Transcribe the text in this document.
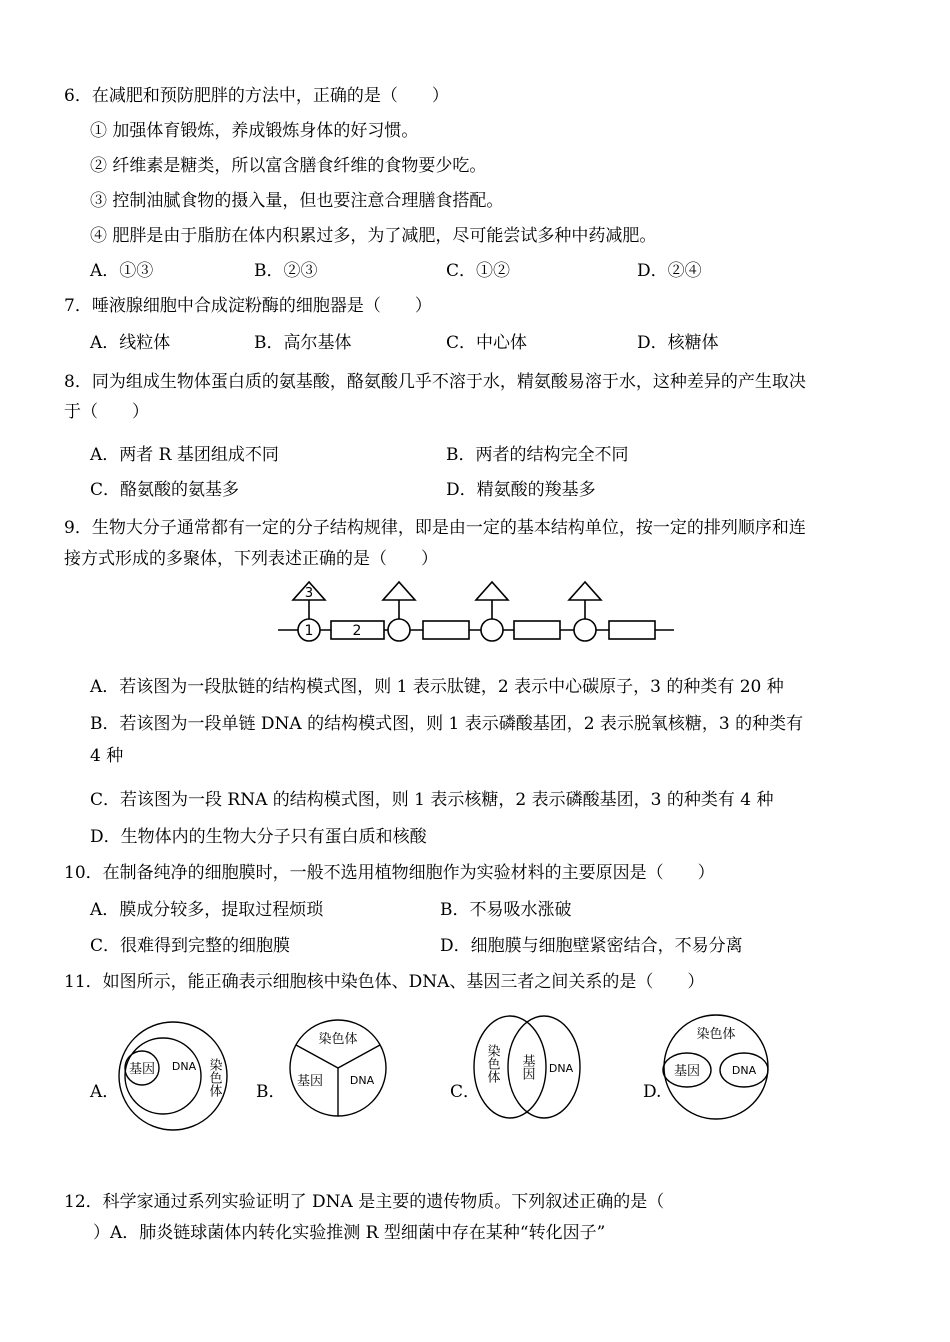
6．在减肥和预防肥胖的方法中，正确的是（　　）
① 加强体育锻炼，养成锻炼身体的好习惯。
② 纤维素是糖类，所以富含膳食纤维的食物要少吃。
③ 控制油腻食物的摄入量，但也要注意合理膳食搭配。
④ 肥胖是由于脂肪在体内积累过多，为了减肥，尽可能尝试多种中药减肥。
A．①③	B．②③	C．①②	D．②④
7．唾液腺细胞中合成淀粉酶的细胞器是（　　）
A．线粒体	B．高尔基体	C．中心体	D．核糖体
8．同为组成生物体蛋白质的氨基酸，酪氨酸几乎不溶于水，精氨酸易溶于水，这种差异的产生取决
于（　　）
A．两者 R 基团组成不同	B．两者的结构完全不同
C．酪氨酸的氨基多	D．精氨酸的羧基多
9．生物大分子通常都有一定的分子结构规律，即是由一定的基本结构单位，按一定的排列顺序和连
接方式形成的多聚体，下列表述正确的是（　　）
1	2
3
A．若该图为一段肽链的结构模式图，则 1 表示肽键，2 表示中心碳原子，3 的种类有 20 种
B．若该图为一段单链 DNA 的结构模式图，则 1 表示磷酸基团，2 表示脱氧核糖，3 的种类有
4 种
C．若该图为一段 RNA 的结构模式图，则 1 表示核糖，2 表示磷酸基团，3 的种类有 4 种
D．生物体内的生物大分子只有蛋白质和核酸
10．在制备纯净的细胞膜时，一般不选用植物细胞作为实验材料的主要原因是（　　）
A．膜成分较多，提取过程烦琐	B．不易吸水涨破
C．很难得到完整的细胞膜	D．细胞膜与细胞壁紧密结合，不易分离
11．如图所示，能正确表示细胞核中染色体、DNA、基因三者之间关系的是（　　）
A．
基因 DNA 染色体 B．
染色体
基因 DNA
C．
染色体 基因 DNA
D.
染色体
基因	DNA
12．科学家通过系列实验证明了 DNA 是主要的遗传物质。下列叙述正确的是（
）A．肺炎链球菌体内转化实验推测 R 型细菌中存在某种“转化因子”
